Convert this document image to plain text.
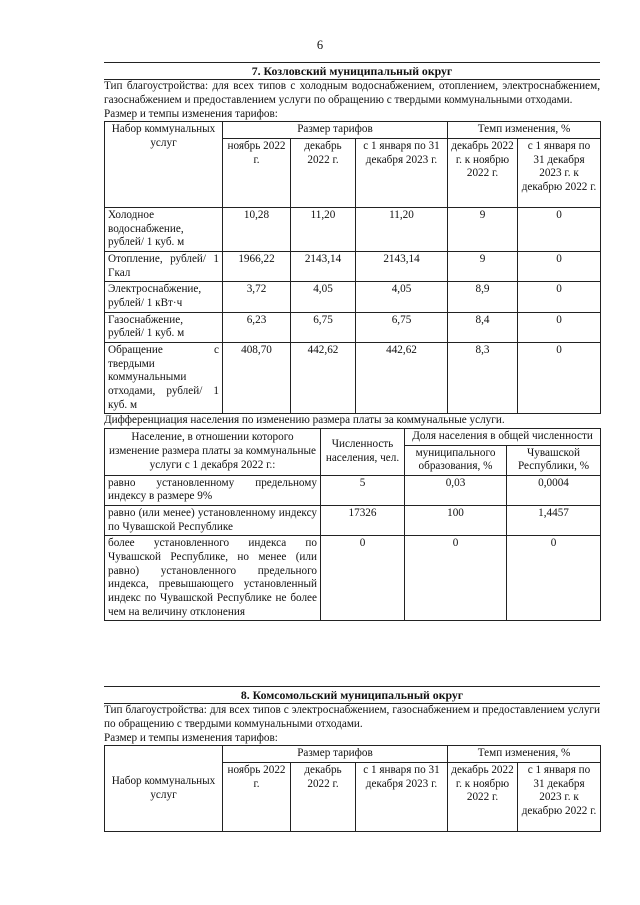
6
7. Козловский муниципальный округ
Тип благоустройства: для всех типов с холодным водоснабжением, отоплением, электроснабжением, газоснабжением и предоставлением услуги по обращению с твердыми коммунальными отходами.
Размер и темпы изменения тарифов:
Набор коммунальных услуг	Размер тарифов			Темп изменения, %	
	ноябрь 2022 г.	декабрь 2022 г.	с 1 января по 31 декабря 2023 г.	декабрь 2022 г. к ноябрю 2022 г.	с 1 января по 31 декабря 2023 г. к декабрю 2022 г.
Холодное водоснабжение, рублей/ 1 куб. м	10,28	11,20	11,20	9	0
Отопление, рублей/ 1 Гкал	1966,22	2143,14	2143,14	9	0
Электроснабжение, рублей/ 1 кВт·ч	3,72	4,05	4,05	8,9	0
Газоснабжение, рублей/ 1 куб. м	6,23	6,75	6,75	8,4	0
Обращение с твердыми коммунальными отходами, рублей/ 1 куб. м	408,70	442,62	442,62	8,3	0
Дифференциация населения по изменению размера платы за коммунальные услуги.
Население, в отношении которого изменение размера платы за коммунальные услуги с 1 декабря 2022 г.:	Численность населения, чел.	Доля населения в общей численности	
		муниципального образования, %	Чувашской Республики, %
равно установленному предельному индексу в размере 9%	5	0,03	0,0004
равно (или менее) установленному индексу по Чувашской Республике	17326	100	1,4457
более установленного индекса по Чувашской Республике, но менее (или равно) установленного предельного индекса, превышающего установленный индекс по Чувашской Республике не более чем на величину отклонения	0	0	0
8. Комсомольский муниципальный округ
Тип благоустройства: для всех типов с электроснабжением, газоснабжением и предоставлением услуги по обращению с твердыми коммунальными отходами.
Размер и темпы изменения тарифов:
Набор коммунальных услуг	Размер тарифов			Темп изменения, %	
	ноябрь 2022 г.	декабрь 2022 г.	с 1 января по 31 декабря 2023 г.	декабрь 2022 г. к ноябрю 2022 г.	с 1 января по 31 декабря 2023 г. к декабрю 2022 г.
